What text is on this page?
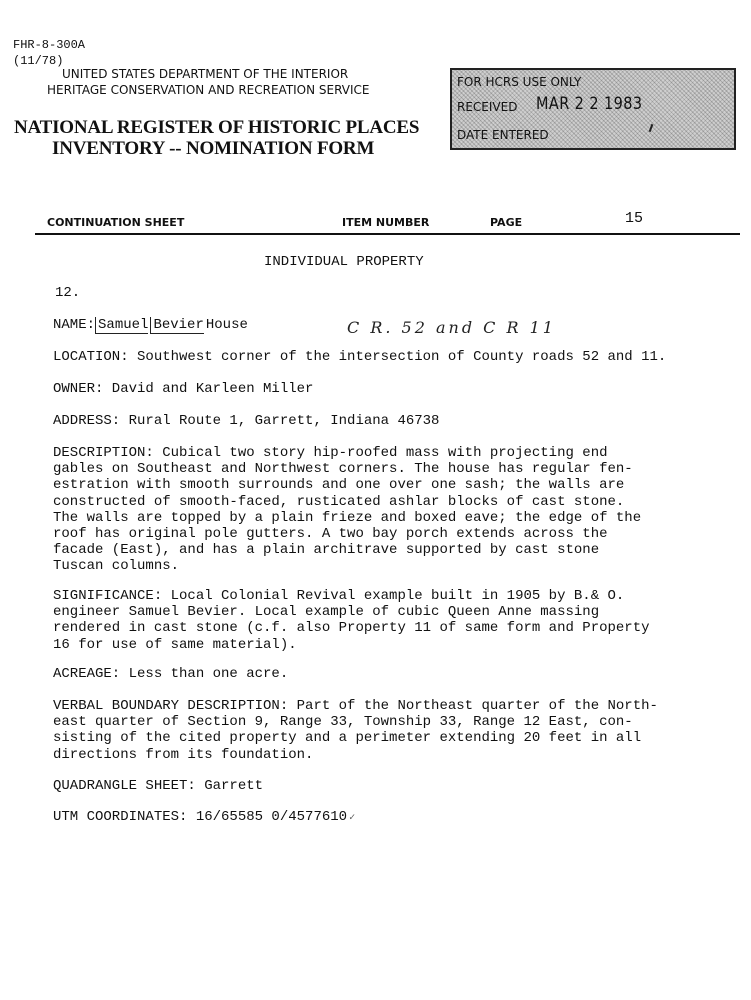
FHR-8-300A
(11/78)
UNITED STATES DEPARTMENT OF THE INTERIOR
HERITAGE CONSERVATION AND RECREATION SERVICE
NATIONAL REGISTER OF HISTORIC PLACES
INVENTORY -- NOMINATION FORM
FOR HCRS USE ONLY
RECEIVED MAR 2 2 1983
DATE ENTERED
CONTINUATION SHEET	ITEM NUMBER	PAGE	15
INDIVIDUAL PROPERTY
12.
NAME: Samuel Bevier House	C R. 52 and C R 11
LOCATION: Southwest corner of the intersection of County roads 52 and 11.
OWNER: David and Karleen Miller
ADDRESS: Rural Route 1, Garrett, Indiana 46738
DESCRIPTION: Cubical two story hip-roofed mass with projecting end
gables on Southeast and Northwest corners. The house has regular fen-
estration with smooth surrounds and one over one sash; the walls are
constructed of smooth-faced, rusticated ashlar blocks of cast stone.
The walls are topped by a plain frieze and boxed eave; the edge of the
roof has original pole gutters. A two bay porch extends across the
facade (East), and has a plain architrave supported by cast stone
Tuscan columns.
SIGNIFICANCE: Local Colonial Revival example built in 1905 by B.& O.
engineer Samuel Bevier. Local example of cubic Queen Anne massing
rendered in cast stone (c.f. also Property 11 of same form and Property
16 for use of same material).
ACREAGE: Less than one acre.
VERBAL BOUNDARY DESCRIPTION: Part of the Northeast quarter of the North-
east quarter of Section 9, Range 33, Township 33, Range 12 East, con-
sisting of the cited property and a perimeter extending 20 feet in all
directions from its foundation.
QUADRANGLE SHEET: Garrett
UTM COORDINATES: 16/65585 0/4577610 ✓
